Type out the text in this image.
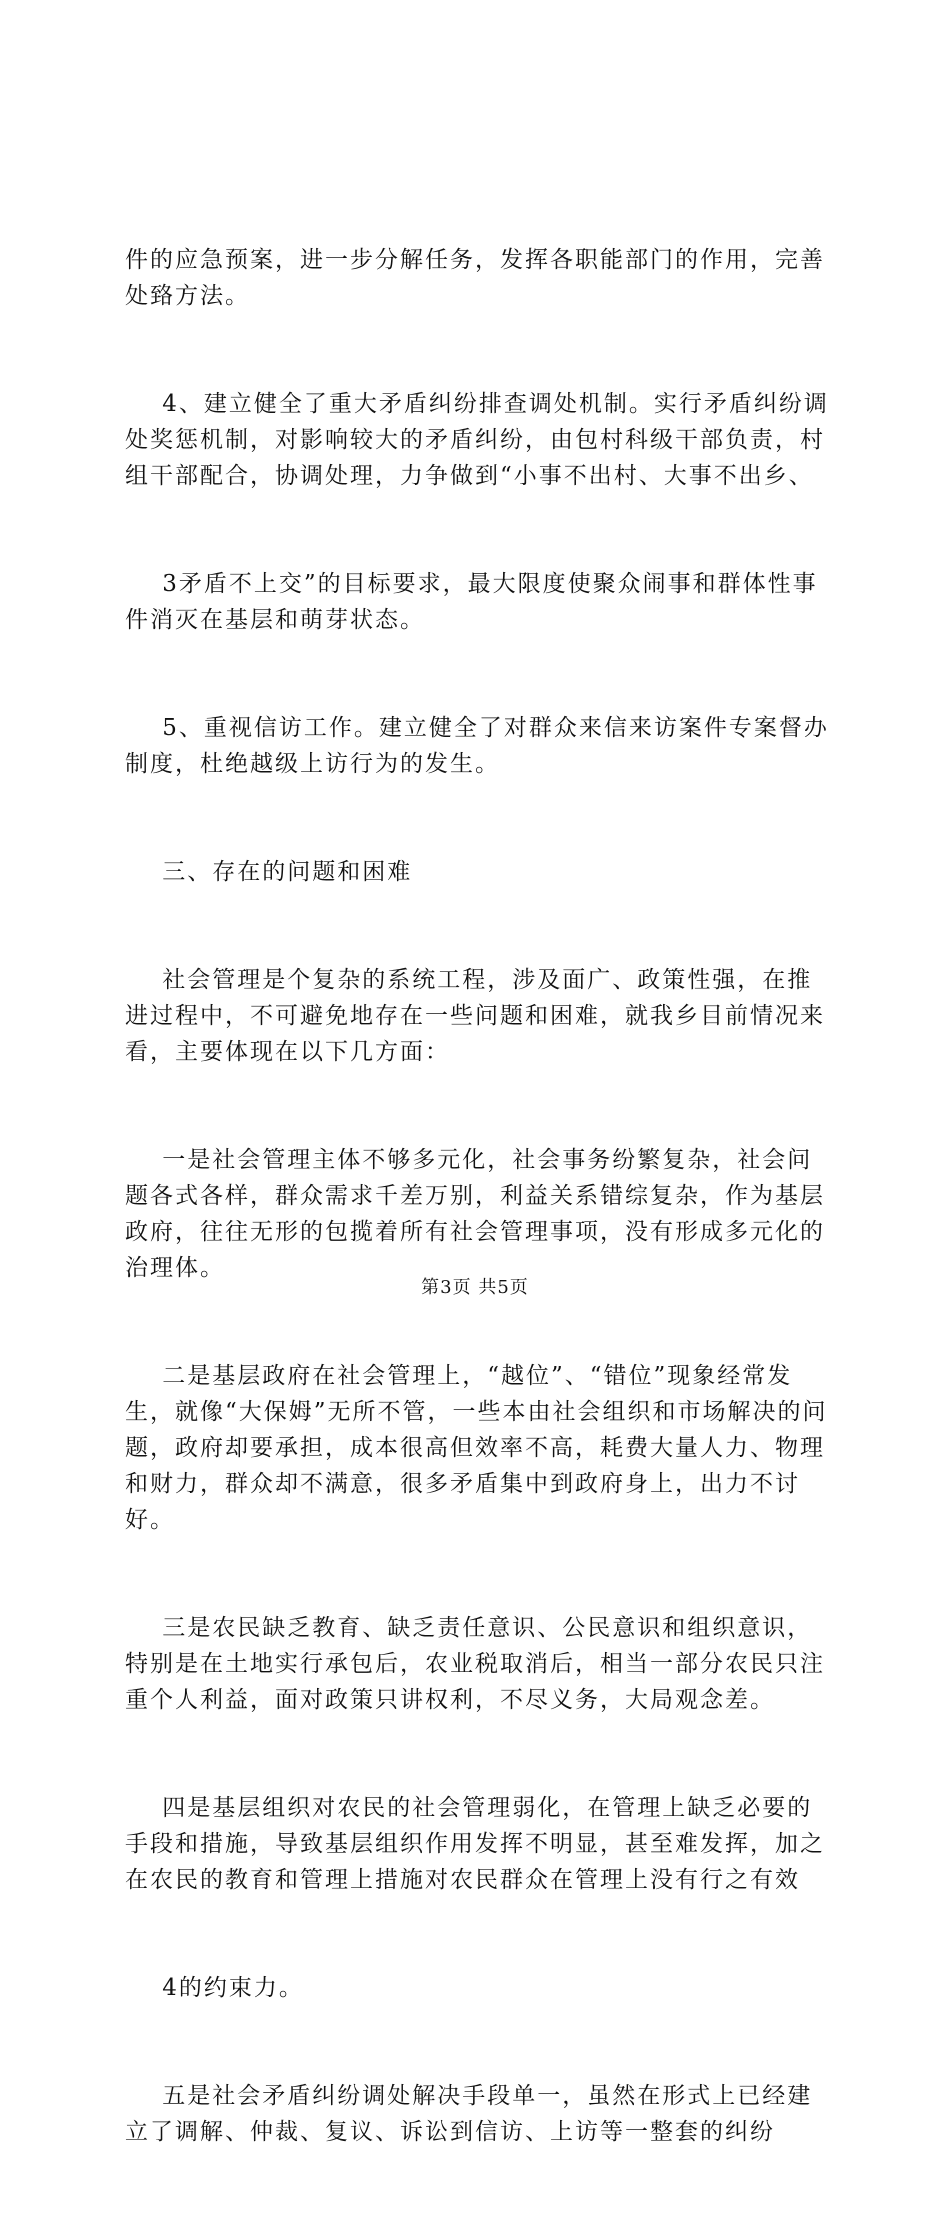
件的应急预案，进一步分解任务，发挥各职能部门的作用，完善处臵方法。

4、建立健全了重大矛盾纠纷排查调处机制。实行矛盾纠纷调处奖惩机制，对影响较大的矛盾纠纷，由包村科级干部负责，村组干部配合，协调处理，力争做到“小事不出村、大事不出乡、

3矛盾不上交”的目标要求，最大限度使聚众闹事和群体性事件消灭在基层和萌芽状态。

5、重视信访工作。建立健全了对群众来信来访案件专案督办制度，杜绝越级上访行为的发生。

三、存在的问题和困难

社会管理是个复杂的系统工程，涉及面广、政策性强，在推进过程中，不可避免地存在一些问题和困难，就我乡目前情况来看，主要体现在以下几方面：

一是社会管理主体不够多元化，社会事务纷繁复杂，社会问题各式各样，群众需求千差万别，利益关系错综复杂，作为基层政府，往往无形的包揽着所有社会管理事项，没有形成多元化的治理体。

二是基层政府在社会管理上，“越位”、“错位”现象经常发生，就像“大保姆”无所不管，一些本由社会组织和市场解决的问题，政府却要承担，成本很高但效率不高，耗费大量人力、物理和财力，群众却不满意，很多矛盾集中到政府身上，出力不讨好。

三是农民缺乏教育、缺乏责任意识、公民意识和组织意识，特别是在土地实行承包后，农业税取消后，相当一部分农民只注重个人利益，面对政策只讲权利，不尽义务，大局观念差。

四是基层组织对农民的社会管理弱化，在管理上缺乏必要的手段和措施，导致基层组织作用发挥不明显，甚至难发挥，加之在农民的教育和管理上措施对农民群众在管理上没有行之有效

4的约束力。

五是社会矛盾纠纷调处解决手段单一，虽然在形式上已经建立了调解、仲裁、复议、诉讼到信访、上访等一整套的纠纷

第3页 共5页
